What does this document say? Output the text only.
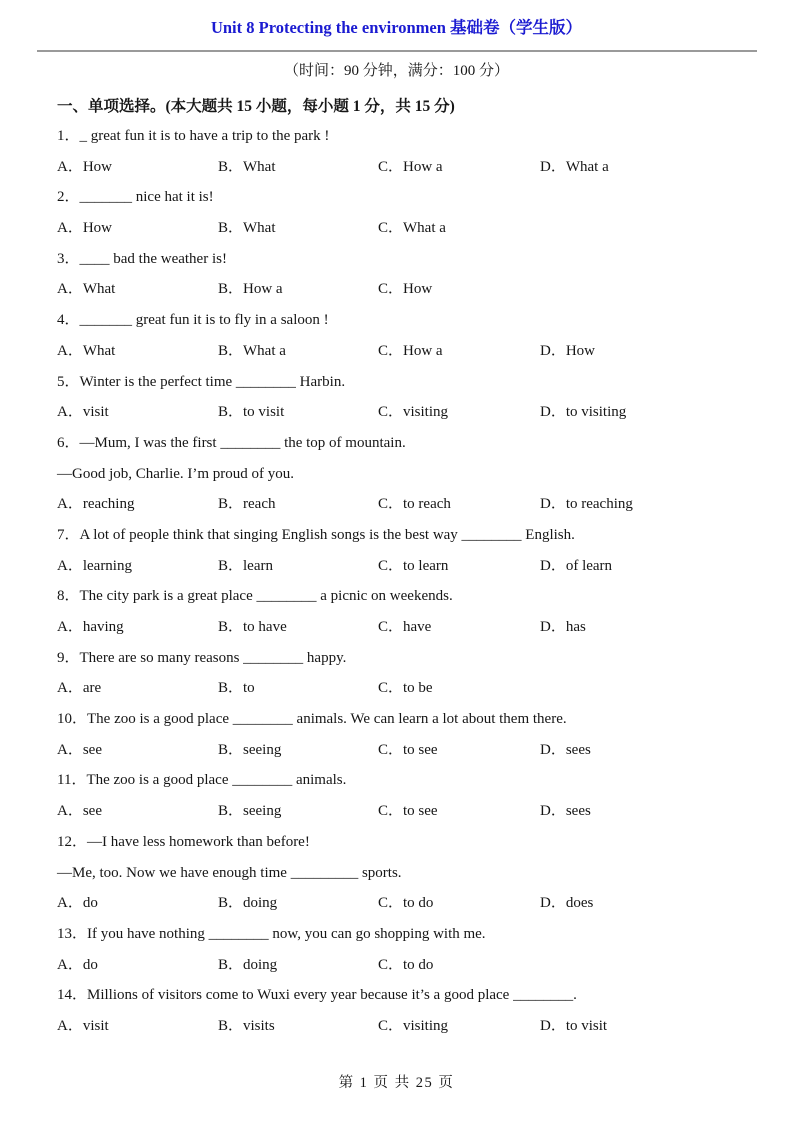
Unit 8 Protecting the environmen 基础卷（学生版）
（时间：90 分钟，满分：100 分）
一、单项选择。(本大题共 15 小题，每小题 1 分，共 15 分)
1．_ great fun it is to have a trip to the park !
A．How	B．What	C．How a	D．What a
2．_______ nice hat it is!
A．How	B．What	C．What a
3．____ bad the weather is!
A．What	B．How a	C．How
4．_______ great fun it is to fly in a saloon !
A．What	B．What a	C．How a	D．How
5．Winter is the perfect time ________ Harbin.
A．visit	B．to visit	C．visiting	D．to visiting
6．—Mum, I was the first ________ the top of mountain.
—Good job, Charlie. I’m proud of you.
A．reaching	B．reach	C．to reach	D．to reaching
7．A lot of people think that singing English songs is the best way ________ English.
A．learning	B．learn	C．to learn	D．of learn
8．The city park is a great place ________ a picnic on weekends.
A．having	B．to have	C．have	D．has
9．There are so many reasons ________ happy.
A．are	B．to	C．to be
10．The zoo is a good place ________ animals. We can learn a lot about them there.
A．see	B．seeing	C．to see	D．sees
11．The zoo is a good place ________ animals.
A．see	B．seeing	C．to see	D．sees
12．—I have less homework than before!
—Me, too. Now we have enough time _________ sports.
A．do	B．doing	C．to do	D．does
13．If you have nothing ________ now, you can go shopping with me.
A．do	B．doing	C．to do
14．Millions of visitors come to Wuxi every year because it’s a good place ________.
A．visit	B．visits	C．visiting	D．to visit
第 1 页 共 25 页
